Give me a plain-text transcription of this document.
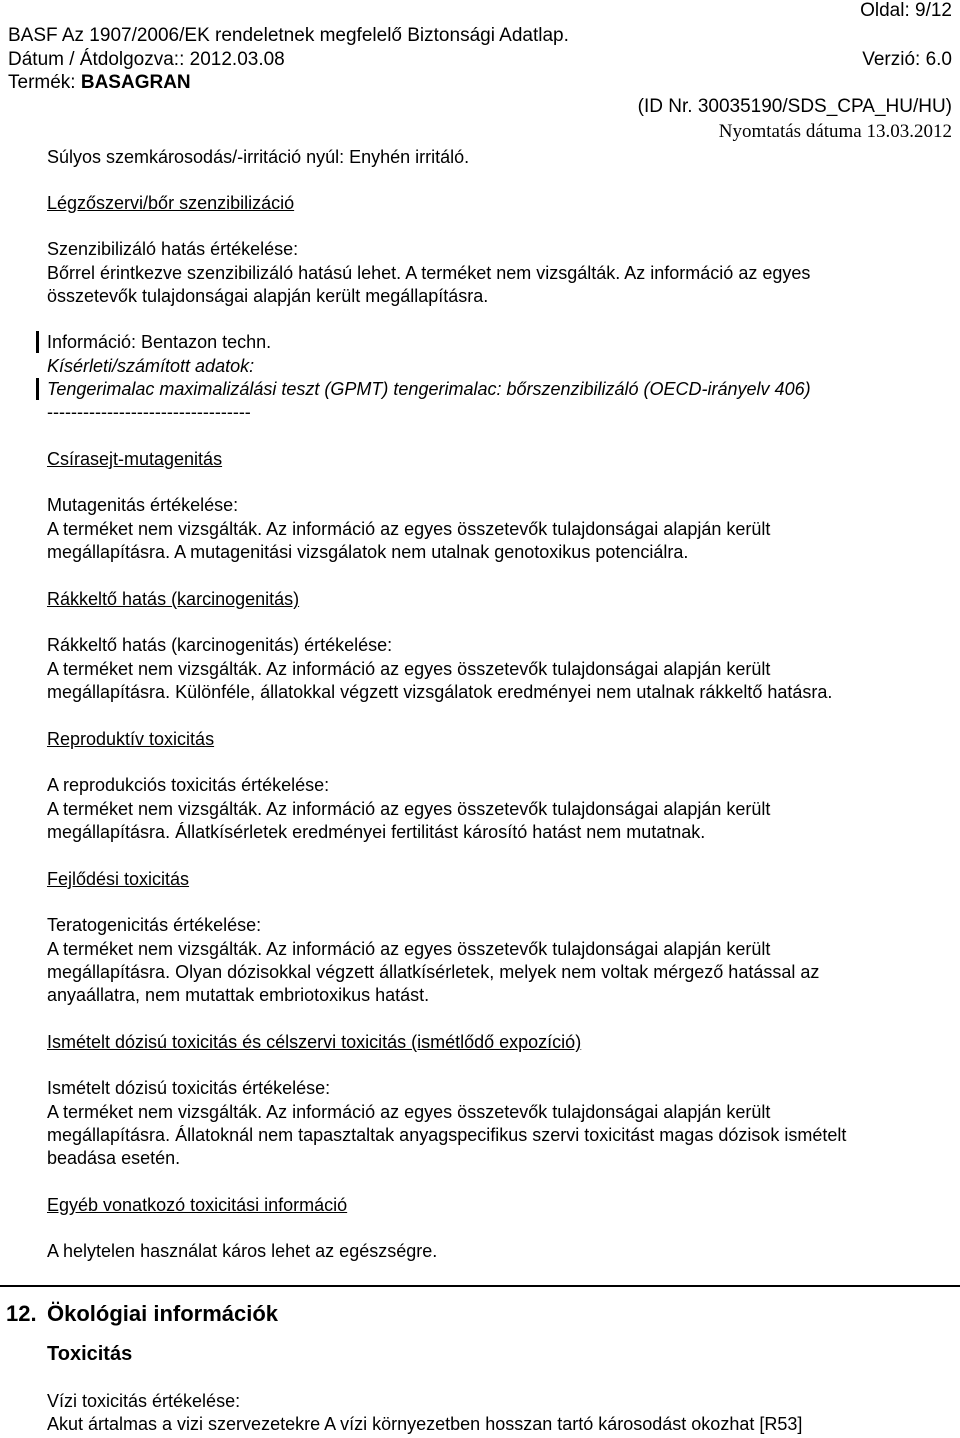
Oldal: 9/12
BASF Az 1907/2006/EK rendeletnek megfelelő Biztonsági Adatlap.
Dátum / Átdolgozva:: 2012.03.08	Verzió: 6.0
Termék: BASAGRAN
(ID Nr. 30035190/SDS_CPA_HU/HU)
Nyomtatás dátuma 13.03.2012
Súlyos szemkárosodás/-irritáció nyúl: Enyhén irritáló.
Légzőszervi/bőr szenzibilizáció
Szenzibilizáló hatás értékelése:
Bőrrel érintkezve szenzibilizáló hatású lehet. A terméket nem vizsgálták. Az információ az egyes
összetevők tulajdonságai alapján került megállapításra.
Információ: Bentazon techn.
Kísérleti/számított adatok:
Tengerimalac maximalizálási teszt (GPMT) tengerimalac: bőrszenzibilizáló (OECD-irányelv 406)
----------------------------------
Csírasejt-mutagenitás
Mutagenitás értékelése:
A terméket nem vizsgálták. Az információ az egyes összetevők tulajdonságai alapján került
megállapításra. A mutagenitási vizsgálatok nem utalnak genotoxikus potenciálra.
Rákkeltő hatás (karcinogenitás)
Rákkeltő hatás (karcinogenitás) értékelése:
A terméket nem vizsgálták. Az információ az egyes összetevők tulajdonságai alapján került
megállapításra. Különféle, állatokkal végzett vizsgálatok eredményei nem utalnak rákkeltő hatásra.
Reproduktív toxicitás
A reprodukciós toxicitás értékelése:
A terméket nem vizsgálták. Az információ az egyes összetevők tulajdonságai alapján került
megállapításra. Állatkísérletek eredményei fertilitást károsító hatást nem mutatnak.
Fejlődési toxicitás
Teratogenicitás értékelése:
A terméket nem vizsgálták. Az információ az egyes összetevők tulajdonságai alapján került
megállapításra. Olyan dózisokkal végzett állatkísérletek, melyek nem voltak mérgező hatással az
anyaállatra, nem mutattak embriotoxikus hatást.
Ismételt dózisú toxicitás és célszervi toxicitás (ismétlődő expozíció)
Ismételt dózisú toxicitás értékelése:
A terméket nem vizsgálták. Az információ az egyes összetevők tulajdonságai alapján került
megállapításra. Állatoknál nem tapasztaltak anyagspecifikus szervi toxicitást magas dózisok ismételt
beadása esetén.
Egyéb vonatkozó toxicitási információ
A helytelen használat káros lehet az egészségre.
12. Ökológiai információk
Toxicitás
Vízi toxicitás értékelése:
Akut ártalmas a vizi szervezetekre A vízi környezetben hosszan tartó károsodást okozhat [R53]
